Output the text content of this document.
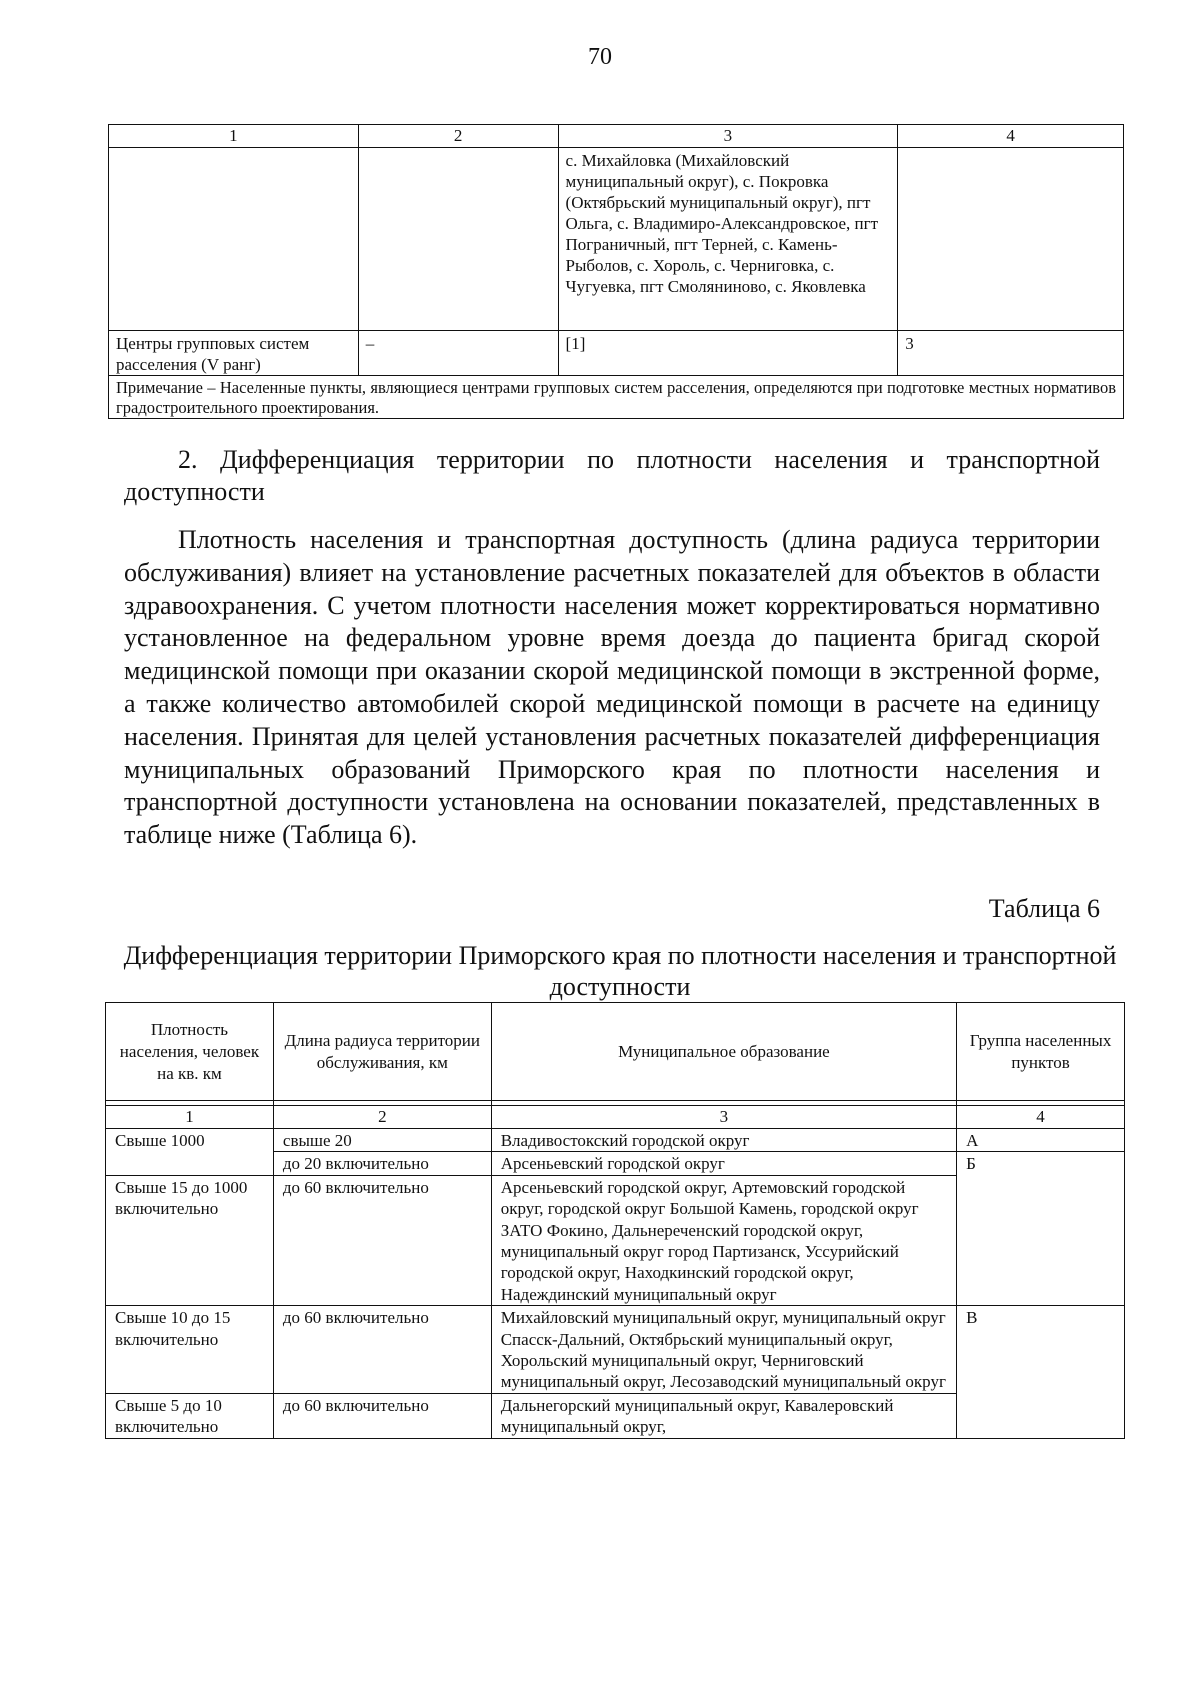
70
1	2	3	4
		с. Михайловка (Михайловский муниципальный округ), с. Покровка (Октябрьский муниципальный округ), пгт Ольга, с. Владимиро-Александровское, пгт Пограничный, пгт Терней, с. Камень-Рыболов, с. Хороль, с. Черниговка, с. Чугуевка, пгт Смоляниново, с. Яковлевка	
Центры групповых систем расселения (V ранг)	–	[1]	3
Примечание – Населенные пункты, являющиеся центрами групповых систем расселения, определяются при подготовке местных нормативов градостроительного проектирования.			
2. Дифференциация территории по плотности населения и транспортной доступности
Плотность населения и транспортная доступность (длина радиуса территории обслуживания) влияет на установление расчетных показателей для объектов в области здравоохранения. С учетом плотности населения может корректироваться нормативно установленное на федеральном уровне время доезда до пациента бригад скорой медицинской помощи при оказании скорой медицинской помощи в экстренной форме, а также количество автомобилей скорой медицинской помощи в расчете на единицу населения. Принятая для целей установления расчетных показателей дифференциация муниципальных образований Приморского края по плотности населения и транспортной доступности установлена на основании показателей, представленных в таблице ниже (Таблица 6).
Таблица 6
Дифференциация территории Приморского края по плотности населения и транспортной доступности
Плотность населения, человек на кв. км	Длина радиуса территории обслуживания, км	Муниципальное образование	Группа населенных пунктов

1	2	3	4
Свыше 1000	свыше 20	Владивостокский городской округ	А
	до 20 включительно	Арсеньевский городской округ	Б
Свыше 15 до 1000 включительно	до 60 включительно	Арсеньевский городской округ, Артемовский городской округ, городской округ Большой Камень, городской округ ЗАТО Фокино, Дальнереченский городской округ, муниципальный округ город Партизанск, Уссурийский городской округ, Находкинский городской округ, Надеждинский муниципальный округ	
Свыше 10 до 15 включительно	до 60 включительно	Михайловский муниципальный округ, муниципальный округ Спасск-Дальний, Октябрьский муниципальный округ, Хорольский муниципальный округ, Черниговский муниципальный округ, Лесозаводский муниципальный округ	В
Свыше 5 до 10 включительно	до 60 включительно	Дальнегорский муниципальный округ, Кавалеровский муниципальный округ,	
